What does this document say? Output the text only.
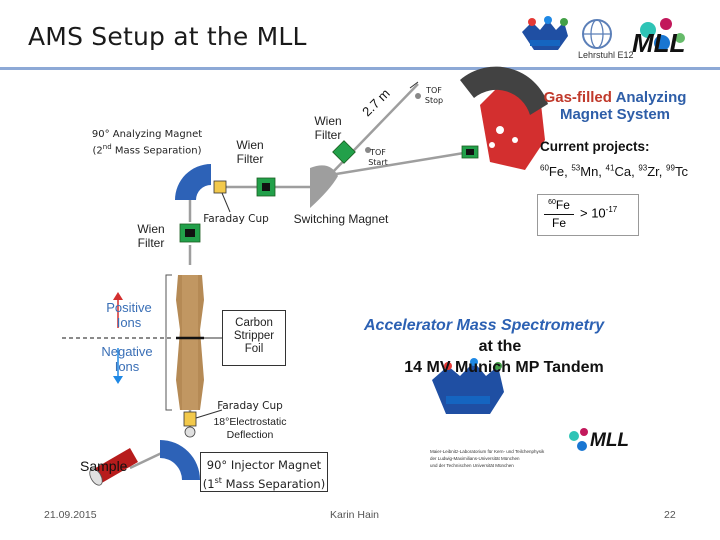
AMS Setup at the MLL
Lehrstuhl E12
MLL
90° Analyzing Magnet
(2nd Mass Separation)	Wien
Filter
Wien
Filter
Wien
Filter
Faraday Cup	Switching Magnet
2.7 m	TOF
Stop
TOF
Start
Positive
Ions
Negative
Ions
Carbon
Stripper
Foil
Faraday Cup
18°Electrostatic
Deflection
Sample	90° Injector Magnet
(1st Mass Separation)
Gas-filled Analyzing
Magnet System
Current projects:
$^{60}$Fe, $^{53}$Mn, $^{41}$Ca, $^{93}$Zr, $^{99}$Tc
$^{60}$Fe
Fe
> $10^{-17}$
Accelerator Mass Spectrometry
at the
14 MV Munich MP Tandem
MLL
Maier-Leibnitz-Laboratorium für Kern- und Teilchenphysik
der Ludwig-Maximilians-Universität München
und der Technischen Universität München
21.09.2015	Karin Hain	22
